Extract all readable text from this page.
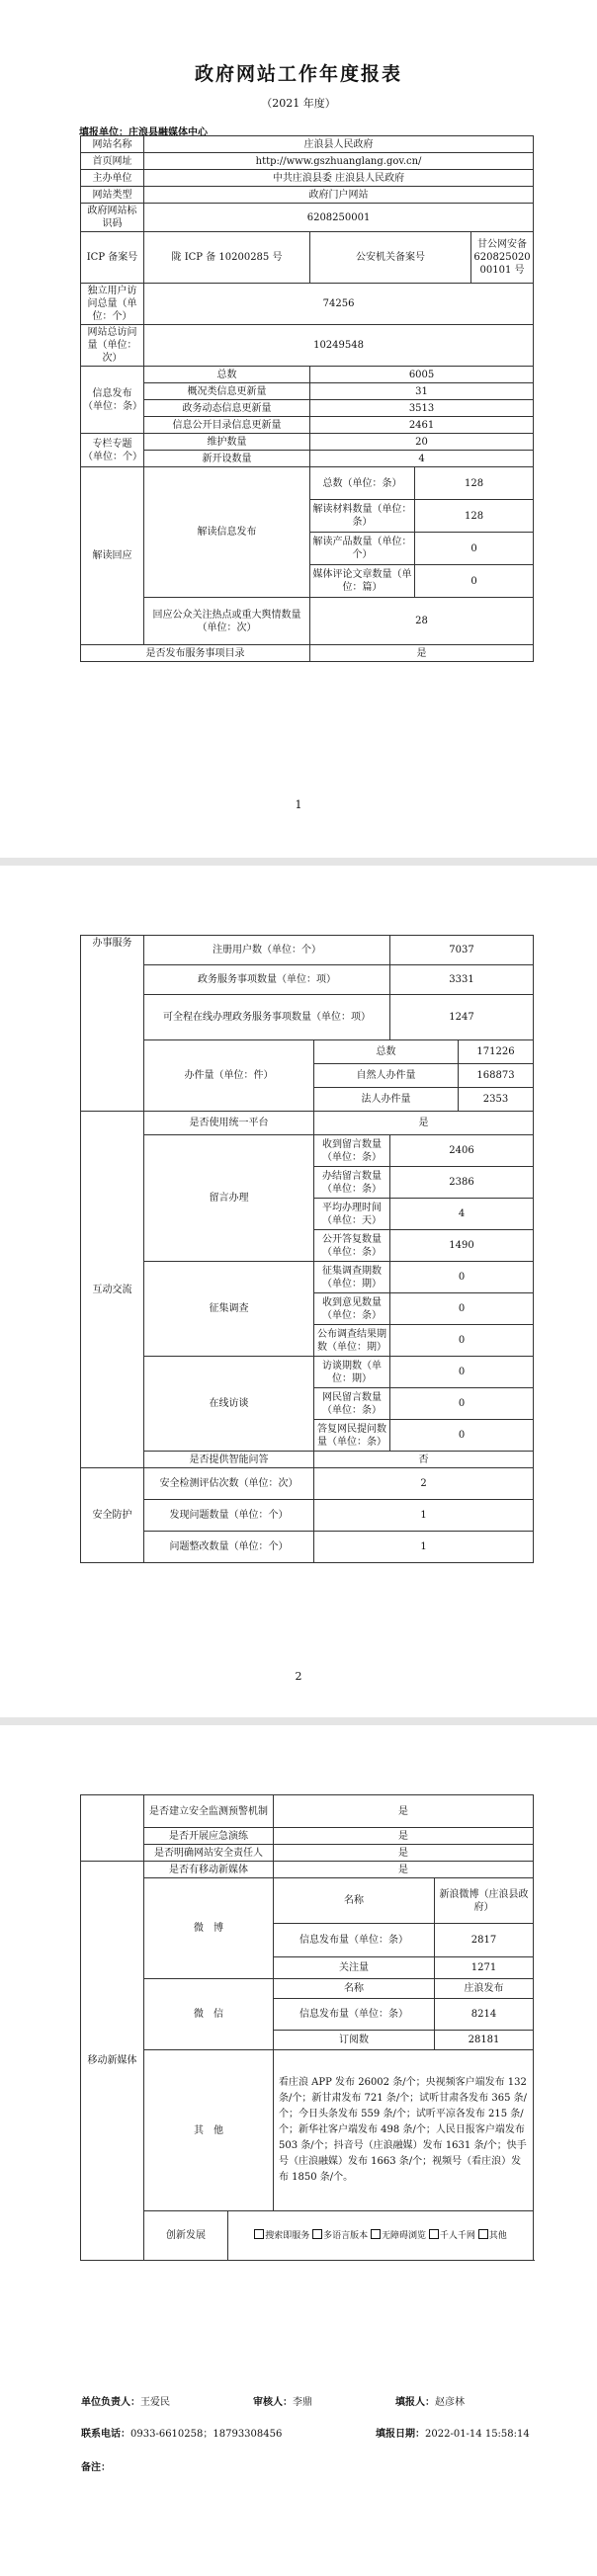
政府网站工作年度报表
（2021 年度）
填报单位：庄浪县融媒体中心
网站名称	庄浪县人民政府			
首页网址	http://www.gszhuanglang.gov.cn/			
主办单位	中共庄浪县委 庄浪县人民政府			
网站类型	政府门户网站			
政府网站标识码	6208250001			
ICP 备案号	陇 ICP 备 10200285 号	公安机关备案号		甘公网安备 62082502000101 号
独立用户访问总量（单位：个）	74256			
网站总访问量（单位：次）	10249548			
信息发布（单位：条）	总数	6005		
	概况类信息更新量	31		
	政务动态信息更新量	3513		
	信息公开目录信息更新量	2461		
专栏专题（单位：个）	维护数量	20		
	新开设数量	4		
解读回应	解读信息发布	总数（单位：条）	128	
		解读材料数量（单位：条）	128	
		解读产品数量（单位：个）	0	
		媒体评论文章数量（单位：篇）	0	
	回应公众关注热点或重大舆情数量（单位：次）	28		
是否发布服务事项目录		是		
1
办事服务	注册用户数（单位：个）		7037	
	政务服务事项数量（单位：项）		3331	
	可全程在线办理政务服务事项数量（单位：项）		1247	
	办件量（单位：件）	总数		171226
		自然人办件量		168873
		法人办件量		2353
互动交流	是否使用统一平台	是		
	留言办理	收到留言数量（单位：条）	2406	
		办结留言数量（单位：条）	2386	
		平均办理时间（单位：天）	4	
		公开答复数量（单位：条）	1490	
	征集调查	征集调查期数（单位：期）	0	
		收到意见数量（单位：条）	0	
		公布调查结果期数（单位：期）	0	
	在线访谈	访谈期数（单位：期）	0	
		网民留言数量（单位：条）	0	
		答复网民提问数量（单位：条）	0	
	是否提供智能问答	否		
安全防护	安全检测评估次数（单位：次）	2		
	发现问题数量（单位：个）	1		
	问题整改数量（单位：个）	1		
2
	是否建立安全监测预警机制		是	
	是否开展应急演练		是	
	是否明确网站安全责任人		是	
移动新媒体	是否有移动新媒体		是	
	微　博		名称	新浪微博（庄浪县政府）
			信息发布量（单位：条）	2817
			关注量	1271
	微　信		名称	庄浪发布
			信息发布量（单位：条）	8214
			订阅数	28181
	其　他		看庄浪 APP 发布 26002 条/个；央视频客户端发布 132 条/个；新甘肃发布 721 条/个；试听甘肃各发布 365 条/个；今日头条发布 559 条/个；试听平凉各发布 215 条/个；新华社客户端发布 498 条/个；人民日报客户端发布 503 条/个；抖音号（庄浪融媒）发布 1631 条/个；快手号（庄浪融媒）发布 1663 条/个；视频号（看庄浪）发布 1850 条/个。	
	创新发展	搜索即服务 多语言版本 无障碍浏览 千人千网 其他		
单位负责人：王爱民	审核人：李鼎	填报人：赵彦林
联系电话：0933-6610258；18793308456	填报日期：2022-01-14 15:58:14
备注：
